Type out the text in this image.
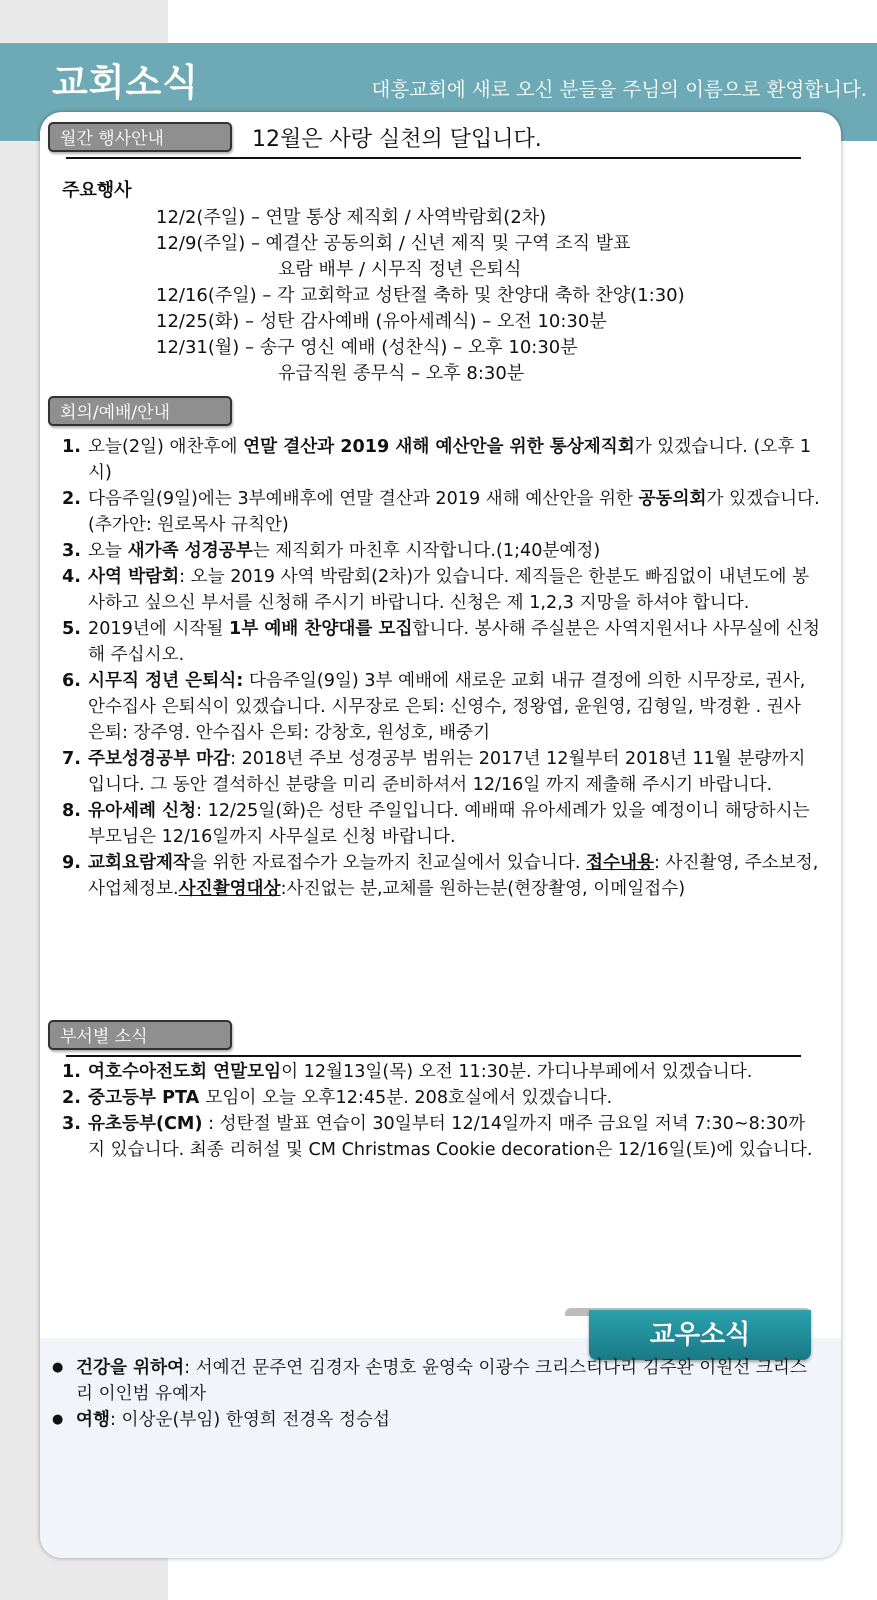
교회소식	대흥교회에 새로 오신 분들을 주님의 이름으로 환영합니다.
월간 행사안내	12월은 사랑 실천의 달입니다.
주요행사
12/2(주일) – 연말 통상 제직회 / 사역박람회(2차)
12/9(주일) – 예결산 공동의회 / 신년 제직 및 구역 조직 발표
요람 배부 / 시무직 정년 은퇴식
12/16(주일) – 각 교회학교 성탄절 축하 및 찬양대 축하 찬양(1:30)
12/25(화) – 성탄 감사예배 (유아세례식) – 오전 10:30분
12/31(월) – 송구 영신 예배 (성찬식) – 오후 10:30분
유급직원 종무식 – 오후 8:30분
회의/예배/안내
1. 오늘(2일) 애찬후에 연말 결산과 2019 새해 예산안을 위한 통상제직회가 있겠습니다. (오후 1시)
2. 다음주일(9일)에는 3부예배후에 연말 결산과 2019 새해 예산안을 위한 공동의회가 있겠습니다. (추가안: 원로목사 규칙안)
3. 오늘 새가족 성경공부는 제직회가 마친후 시작합니다.(1;40분예정)
4. 사역 박람회: 오늘 2019 사역 박람회(2차)가 있습니다. 제직들은 한분도 빠짐없이 내년도에 봉사하고 싶으신 부서를 신청해 주시기 바랍니다. 신청은 제 1,2,3 지망을 하셔야 합니다.
5. 2019년에 시작될 1부 예배 찬양대를 모집합니다. 봉사해 주실분은 사역지원서나 사무실에 신청해 주십시오.
6. 시무직 정년 은퇴식: 다음주일(9일) 3부 예배에 새로운 교회 내규 결정에 의한 시무장로, 권사, 안수집사 은퇴식이 있겠습니다. 시무장로 은퇴: 신영수, 정왕엽, 윤원영, 김형일, 박경환 . 권사 은퇴: 장주영. 안수집사 은퇴: 강창호, 원성호, 배중기
7. 주보성경공부 마감: 2018년 주보 성경공부 범위는 2017년 12월부터 2018년 11월 분량까지입니다. 그 동안 결석하신 분량을 미리 준비하셔서 12/16일 까지 제출해 주시기 바랍니다.
8. 유아세례 신청: 12/25일(화)은 성탄 주일입니다. 예배때 유아세례가 있을 예정이니 해당하시는 부모님은 12/16일까지 사무실로 신청 바랍니다.
9. 교회요람제작을 위한 자료접수가 오늘까지 친교실에서 있습니다. 접수내용: 사진촬영, 주소보정, 사업체정보.사진촬영대상:사진없는 분,교체를 원하는분(현장촬영, 이메일접수)
부서별 소식
1. 여호수아전도회 연말모임이 12월13일(목) 오전 11:30분. 가디나부페에서 있겠습니다.
2. 중고등부 PTA 모임이 오늘 오후12:45분. 208호실에서 있겠습니다.
3. 유초등부(CM) : 성탄절 발표 연습이 30일부터 12/14일까지 매주 금요일 저녁 7:30~8:30까지 있습니다. 최종 리허설 및 CM Christmas Cookie decoration은 12/16일(토)에 있습니다.
교우소식
● 건강을 위하여: 서예건 문주연 김경자 손명호 윤영숙 이광수 크리스티나리 김주완 이원선 크리스리 이인범 유예자
● 여행: 이상운(부임) 한영희 전경옥 정승섭
